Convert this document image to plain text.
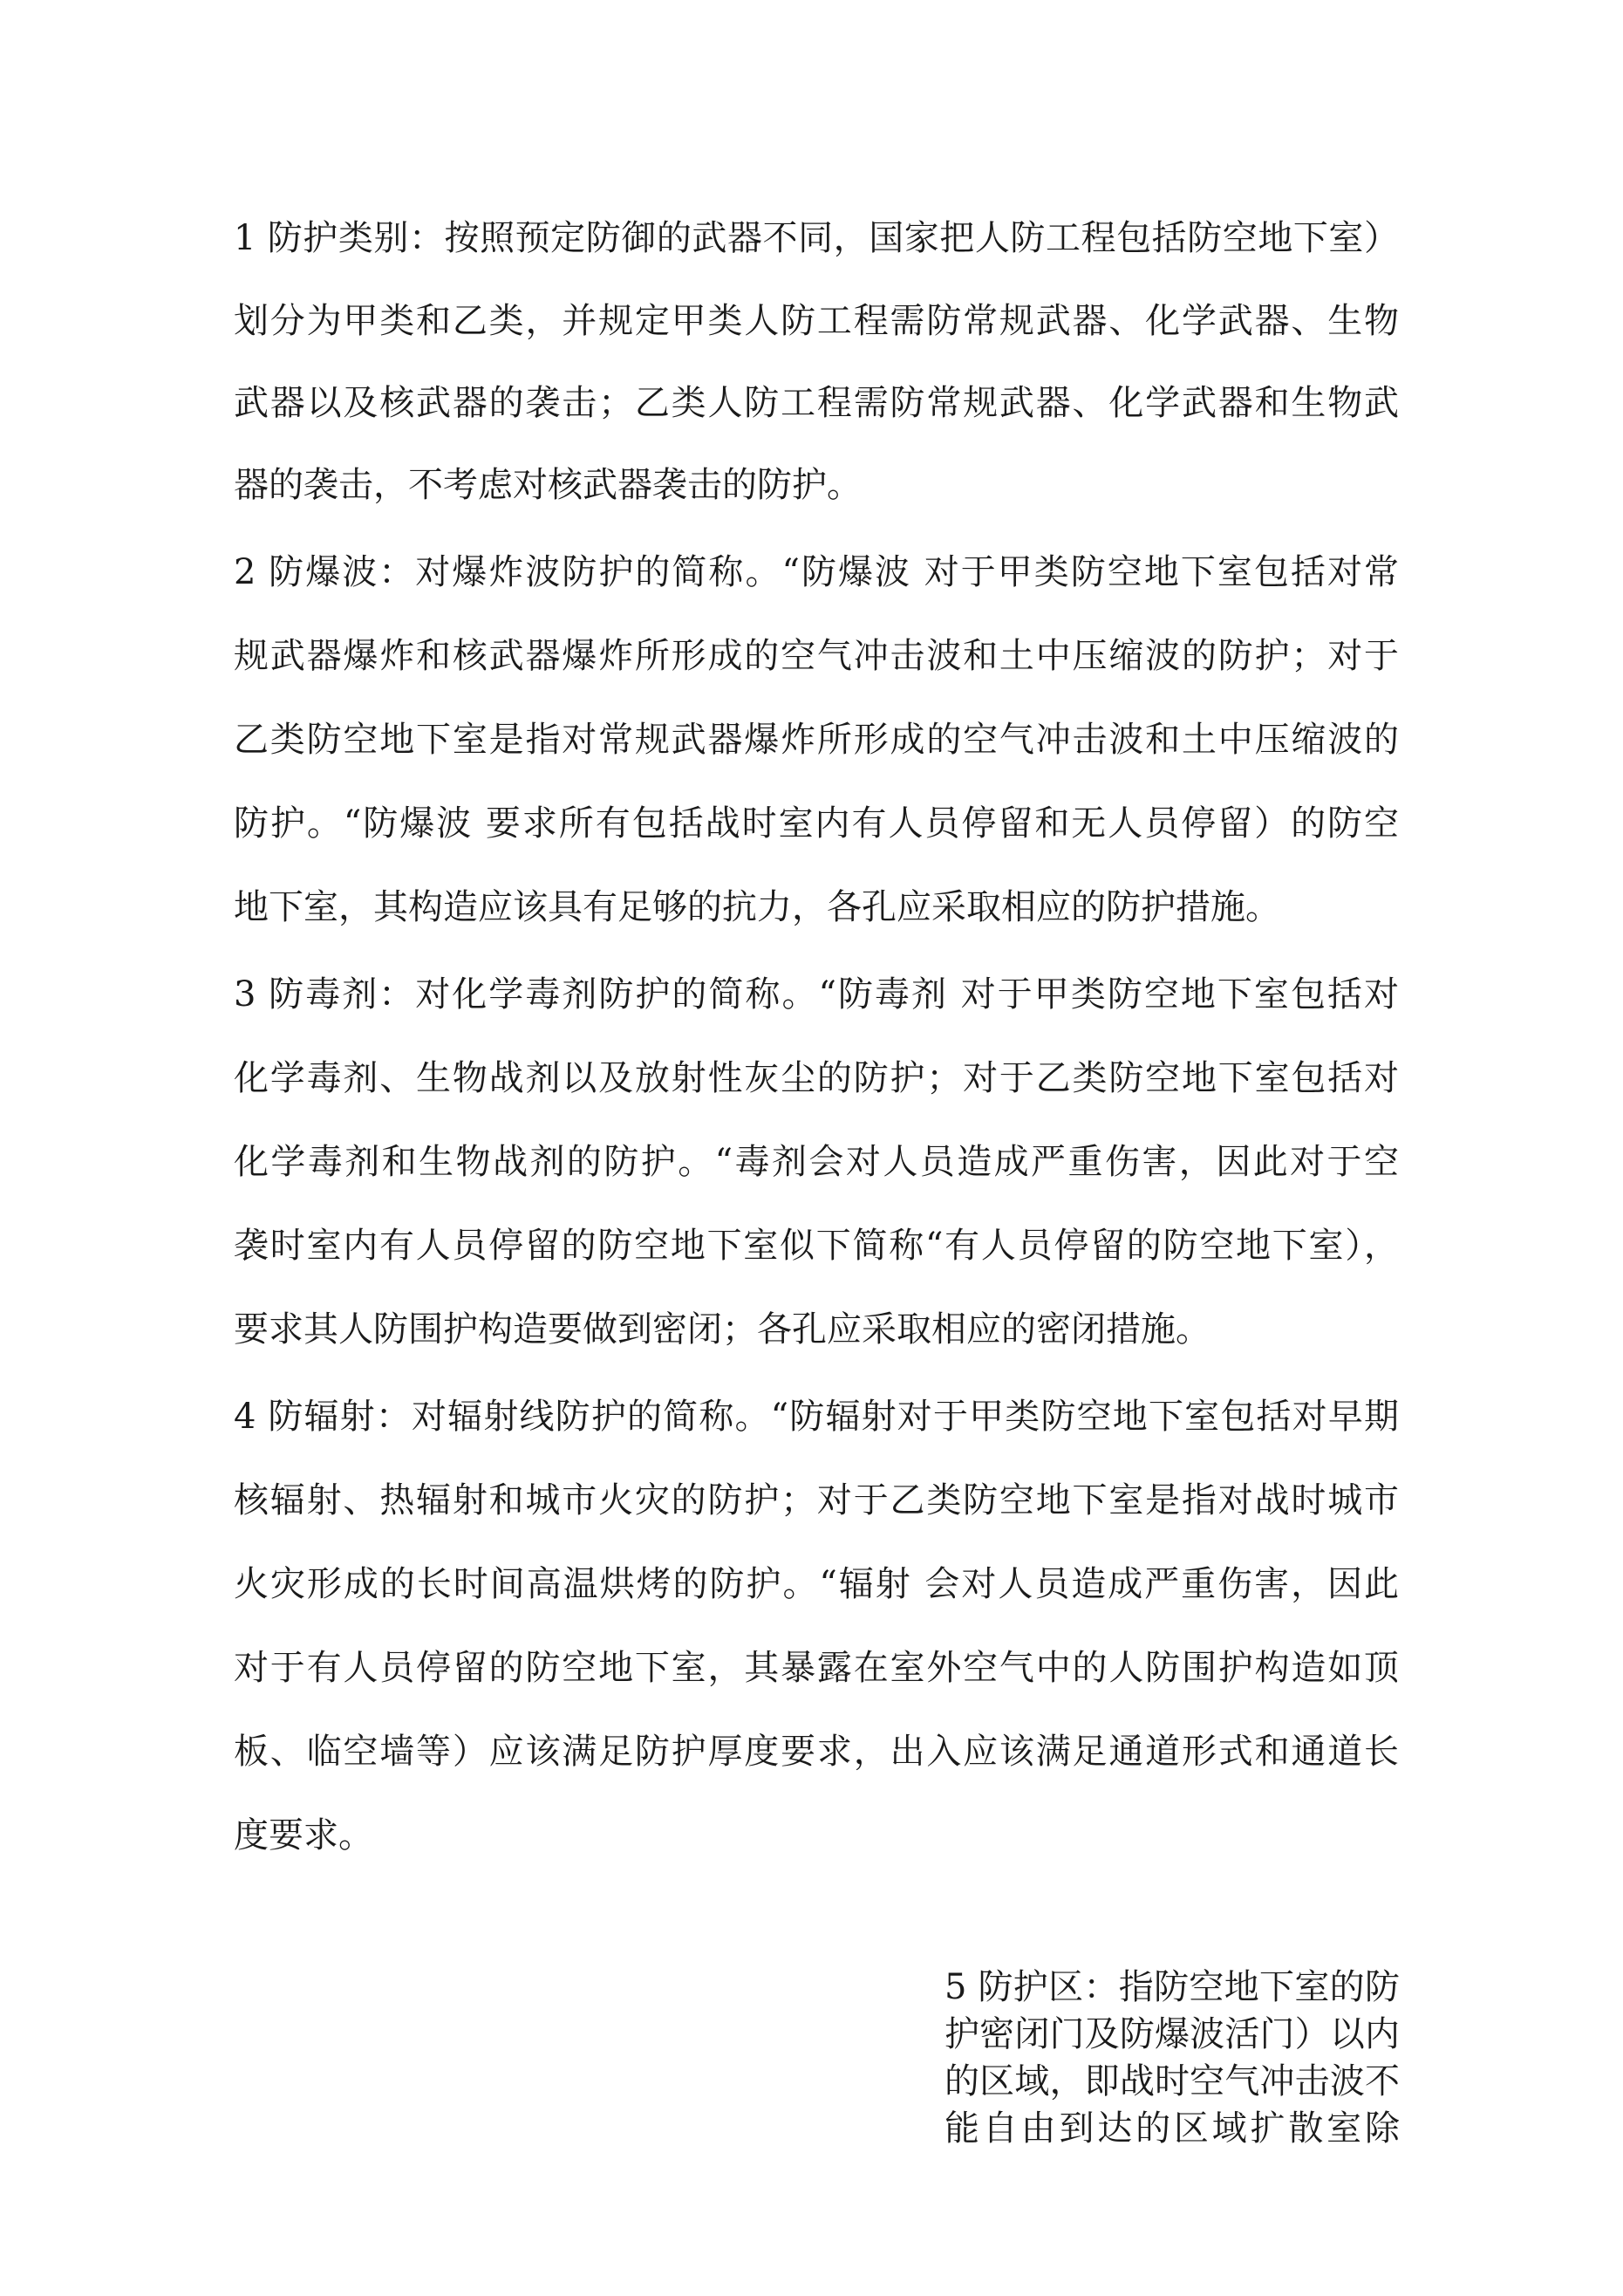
1 防护类别：按照预定防御的武器不同，国家把人防工程包括防空地下室）
划分为甲类和乙类，并规定甲类人防工程需防常规武器、化学武器、生物
武器以及核武器的袭击；乙类人防工程需防常规武器、化学武器和生物武
器的袭击，不考虑对核武器袭击的防护。
2 防爆波：对爆炸波防护的简称。“防爆波 对于甲类防空地下室包括对常
规武器爆炸和核武器爆炸所形成的空气冲击波和土中压缩波的防护；对于
乙类防空地下室是指对常规武器爆炸所形成的空气冲击波和土中压缩波的
防护。“防爆波 要求所有包括战时室内有人员停留和无人员停留）的防空
地下室，其构造应该具有足够的抗力，各孔应采取相应的防护措施。
3 防毒剂：对化学毒剂防护的简称。“防毒剂 对于甲类防空地下室包括对
化学毒剂、生物战剂以及放射性灰尘的防护；对于乙类防空地下室包括对
化学毒剂和生物战剂的防护。“毒剂会对人员造成严重伤害，因此对于空
袭时室内有人员停留的防空地下室似下简称“有人员停留的防空地下室），
要求其人防围护构造要做到密闭；各孔应采取相应的密闭措施。
4 防辐射：对辐射线防护的简称。“防辐射对于甲类防空地下室包括对早期
核辐射、热辐射和城市火灾的防护；对于乙类防空地下室是指对战时城市
火灾形成的长时间高温烘烤的防护。“辐射 会对人员造成严重伤害，因此
对于有人员停留的防空地下室，其暴露在室外空气中的人防围护构造如顶
板、临空墙等）应该满足防护厚度要求，出入应该满足通道形式和通道长
度要求。
5 防护区：指防空地下室的防
护密闭门及防爆波活门）以内
的区域，即战时空气冲击波不
能自由到达的区域扩散室除
